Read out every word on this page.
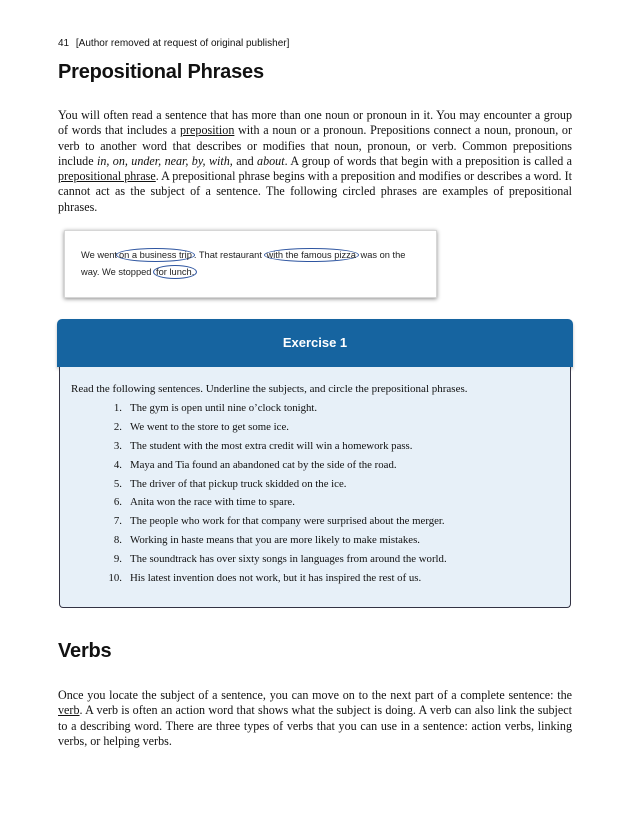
41 [Author removed at request of original publisher]
Prepositional Phrases

You will often read a sentence that has more than one noun or pronoun in it. You may encounter a group of words that includes a preposition with a noun or a pronoun. Prepositions connect a noun, pronoun, or verb to another word that describes or modifies that noun, pronoun, or verb. Common prepositions include in, on, under, near, by, with, and about. A group of words that begin with a preposition is called a prepositional phrase. A prepositional phrase begins with a preposition and modifies or describes a word. It cannot act as the subject of a sentence. The following circled phrases are examples of prepositional phrases.

We went on a business trip . That restaurant with the famous pizza was on the way. We stopped for lunch.
Exercise 1
Read the following sentences. Underline the subjects, and circle the prepositional phrases.
1. The gym is open until nine o’clock tonight.
2. We went to the store to get some ice.
3. The student with the most extra credit will win a homework pass.
4. Maya and Tia found an abandoned cat by the side of the road.
5. The driver of that pickup truck skidded on the ice.
6. Anita won the race with time to spare.
7. The people who work for that company were surprised about the merger.
8. Working in haste means that you are more likely to make mistakes.
9. The soundtrack has over sixty songs in languages from around the world.
10. His latest invention does not work, but it has inspired the rest of us.
Verbs

Once you locate the subject of a sentence, you can move on to the next part of a complete sentence: the verb. A verb is often an action word that shows what the subject is doing. A verb can also link the subject to a describing word. There are three types of verbs that you can use in a sentence: action verbs, linking verbs, or helping verbs.
